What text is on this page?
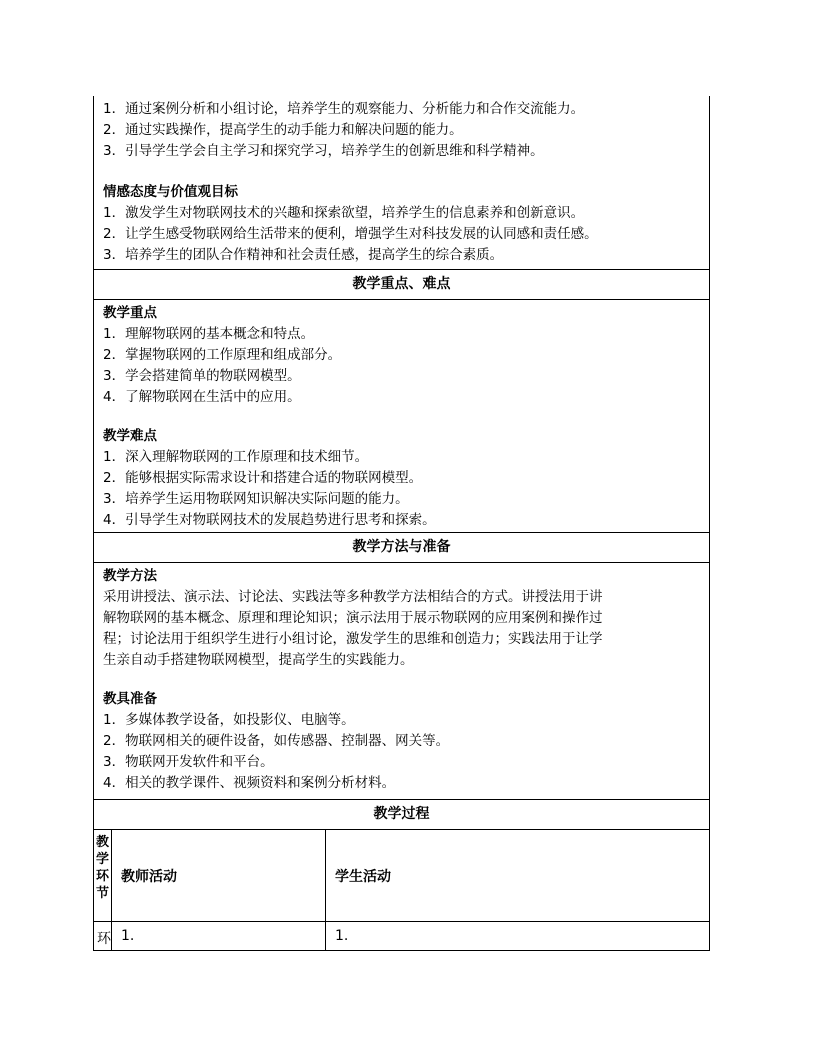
1．通过案例分析和小组讨论，培养学生的观察能力、分析能力和合作交流能力。
2．通过实践操作，提高学生的动手能力和解决问题的能力。
3．引导学生学会自主学习和探究学习，培养学生的创新思维和科学精神。
情感态度与价值观目标
1．激发学生对物联网技术的兴趣和探索欲望，培养学生的信息素养和创新意识。
2．让学生感受物联网给生活带来的便利，增强学生对科技发展的认同感和责任感。
3．培养学生的团队合作精神和社会责任感，提高学生的综合素质。
教学重点、难点
教学重点
1．理解物联网的基本概念和特点。
2．掌握物联网的工作原理和组成部分。
3．学会搭建简单的物联网模型。
4．了解物联网在生活中的应用。
教学难点
1．深入理解物联网的工作原理和技术细节。
2．能够根据实际需求设计和搭建合适的物联网模型。
3．培养学生运用物联网知识解决实际问题的能力。
4．引导学生对物联网技术的发展趋势进行思考和探索。
教学方法与准备
教学方法
采用讲授法、演示法、讨论法、实践法等多种教学方法相结合的方式。讲授法用于讲
解物联网的基本概念、原理和理论知识；演示法用于展示物联网的应用案例和操作过
程；讨论法用于组织学生进行小组讨论，激发学生的思维和创造力；实践法用于让学
生亲自动手搭建物联网模型，提高学生的实践能力。
教具准备
1．多媒体教学设备，如投影仪、电脑等。
2．物联网相关的硬件设备，如传感器、控制器、网关等。
3．物联网开发软件和平台。
4．相关的教学课件、视频资料和案例分析材料。
教学过程
教学环节
教师活动	学生活动
环 1.	1.
